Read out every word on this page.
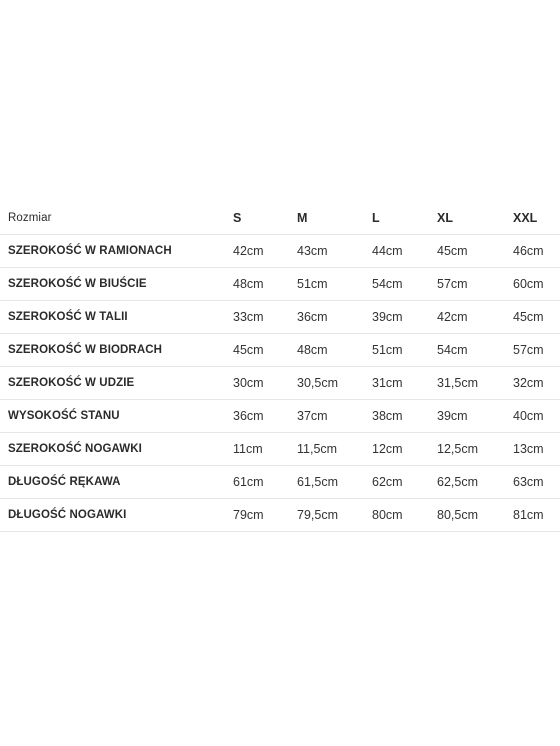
Rozmiar	S	M	L	XL	XXL
SZEROKOŚĆ W RAMIONACH	42cm	43cm	44cm	45cm	46cm
SZEROKOŚĆ W BIUŚCIE	48cm	51cm	54cm	57cm	60cm
SZEROKOŚĆ W TALII	33cm	36cm	39cm	42cm	45cm
SZEROKOŚĆ W BIODRACH	45cm	48cm	51cm	54cm	57cm
SZEROKOŚĆ W UDZIE	30cm	30,5cm	31cm	31,5cm	32cm
WYSOKOŚĆ STANU	36cm	37cm	38cm	39cm	40cm
SZEROKOŚĆ NOGAWKI	11cm	11,5cm	12cm	12,5cm	13cm
DŁUGOŚĆ RĘKAWA	61cm	61,5cm	62cm	62,5cm	63cm
DŁUGOŚĆ NOGAWKI	79cm	79,5cm	80cm	80,5cm	81cm
